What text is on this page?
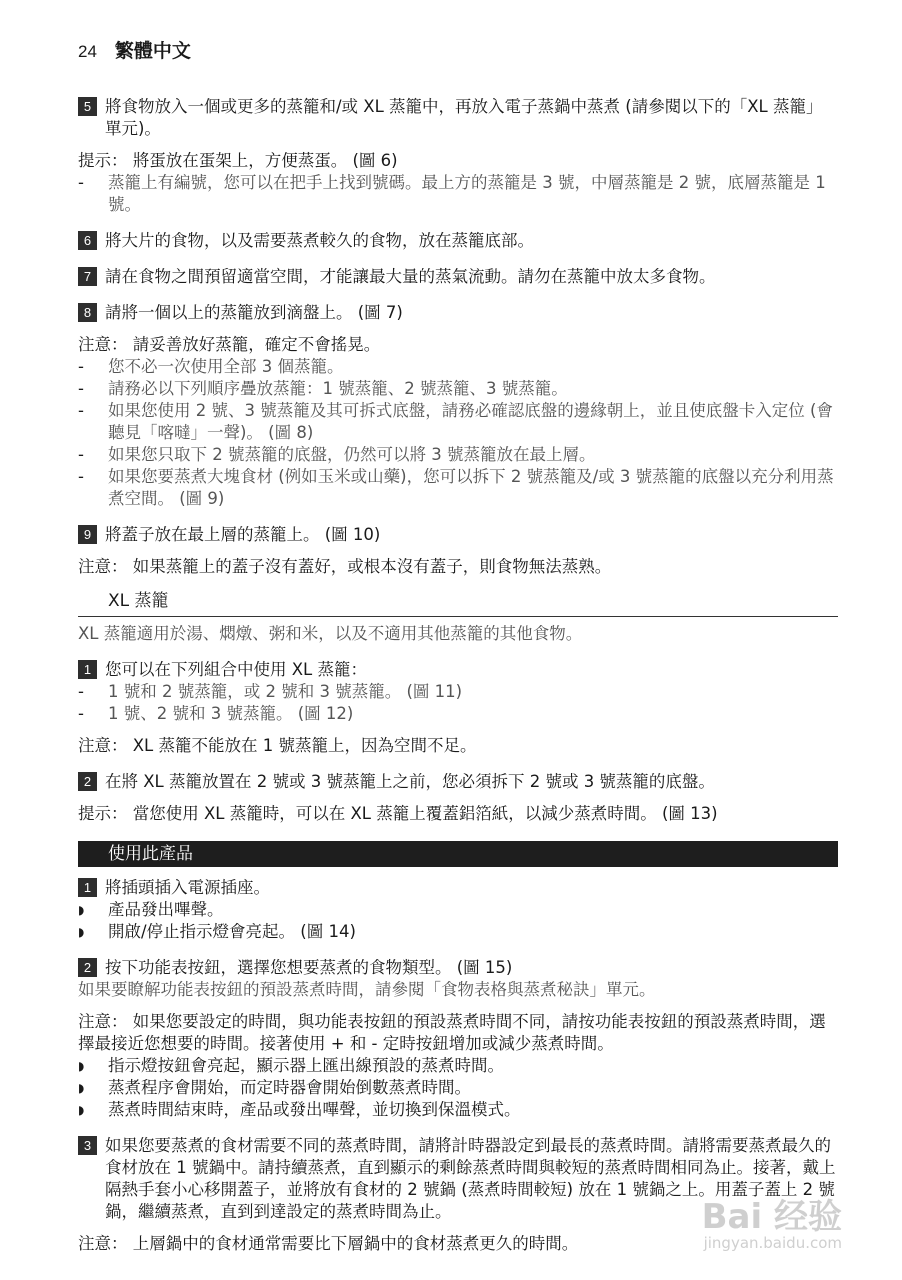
24 繁體中文
5 將食物放入一個或更多的蒸籠和/或 XL 蒸籠中，再放入電子蒸鍋中蒸煮 (請參閱以下的「XL 蒸籠」單元)。
提示： 將蛋放在蛋架上，方便蒸蛋。 (圖 6)
-	蒸籠上有編號，您可以在把手上找到號碼。最上方的蒸籠是 3 號，中層蒸籠是 2 號，底層蒸籠是 1 號。
6 將大片的食物，以及需要蒸煮較久的食物，放在蒸籠底部。
7 請在食物之間預留適當空間，才能讓最大量的蒸氣流動。請勿在蒸籠中放太多食物。
8 請將一個以上的蒸籠放到滴盤上。 (圖 7)
注意： 請妥善放好蒸籠，確定不會搖晃。
-	您不必一次使用全部 3 個蒸籠。
-	請務必以下列順序疊放蒸籠：1 號蒸籠、2 號蒸籠、3 號蒸籠。
-	如果您使用 2 號、3 號蒸籠及其可拆式底盤，請務必確認底盤的邊緣朝上，並且使底盤卡入定位 (會聽見「喀噠」一聲)。 (圖 8)
-	如果您只取下 2 號蒸籠的底盤，仍然可以將 3 號蒸籠放在最上層。
-	如果您要蒸煮大塊食材 (例如玉米或山藥)，您可以拆下 2 號蒸籠及/或 3 號蒸籠的底盤以充分利用蒸煮空間。 (圖 9)
9 將蓋子放在最上層的蒸籠上。 (圖 10)
注意： 如果蒸籠上的蓋子沒有蓋好，或根本沒有蓋子，則食物無法蒸熟。
XL 蒸籠
XL 蒸籠適用於湯、燜燉、粥和米，以及不適用其他蒸籠的其他食物。
1 您可以在下列組合中使用 XL 蒸籠：
-	1 號和 2 號蒸籠，或 2 號和 3 號蒸籠。 (圖 11)
-	1 號、2 號和 3 號蒸籠。 (圖 12)
注意： XL 蒸籠不能放在 1 號蒸籠上，因為空間不足。
2 在將 XL 蒸籠放置在 2 號或 3 號蒸籠上之前，您必須拆下 2 號或 3 號蒸籠的底盤。
提示： 當您使用 XL 蒸籠時，可以在 XL 蒸籠上覆蓋鋁箔紙，以減少蒸煮時間。 (圖 13)
使用此產品
1 將插頭插入電源插座。
◗	產品發出嗶聲。
◗	開啟/停止指示燈會亮起。 (圖 14)
2 按下功能表按鈕，選擇您想要蒸煮的食物類型。 (圖 15)
如果要瞭解功能表按鈕的預設蒸煮時間，請參閱「食物表格與蒸煮秘訣」單元。
注意： 如果您要設定的時間，與功能表按鈕的預設蒸煮時間不同，請按功能表按鈕的預設蒸煮時間，選擇最接近您想要的時間。接著使用 + 和 - 定時按鈕增加或減少蒸煮時間。
◗	指示燈按鈕會亮起，顯示器上匯出線預設的蒸煮時間。
◗	蒸煮程序會開始，而定時器會開始倒數蒸煮時間。
◗	蒸煮時間結束時，產品或發出嗶聲，並切換到保溫模式。
3 如果您要蒸煮的食材需要不同的蒸煮時間，請將計時器設定到最長的蒸煮時間。請將需要蒸煮最久的食材放在 1 號鍋中。請持續蒸煮，直到顯示的剩餘蒸煮時間與較短的蒸煮時間相同為止。接著，戴上隔熱手套小心移開蓋子，並將放有食材的 2 號鍋 (蒸煮時間較短) 放在 1 號鍋之上。用蓋子蓋上 2 號鍋，繼續蒸煮，直到到達設定的蒸煮時間為止。
注意： 上層鍋中的食材通常需要比下層鍋中的食材蒸煮更久的時間。
Bai 经验
jingyan.baidu.com
